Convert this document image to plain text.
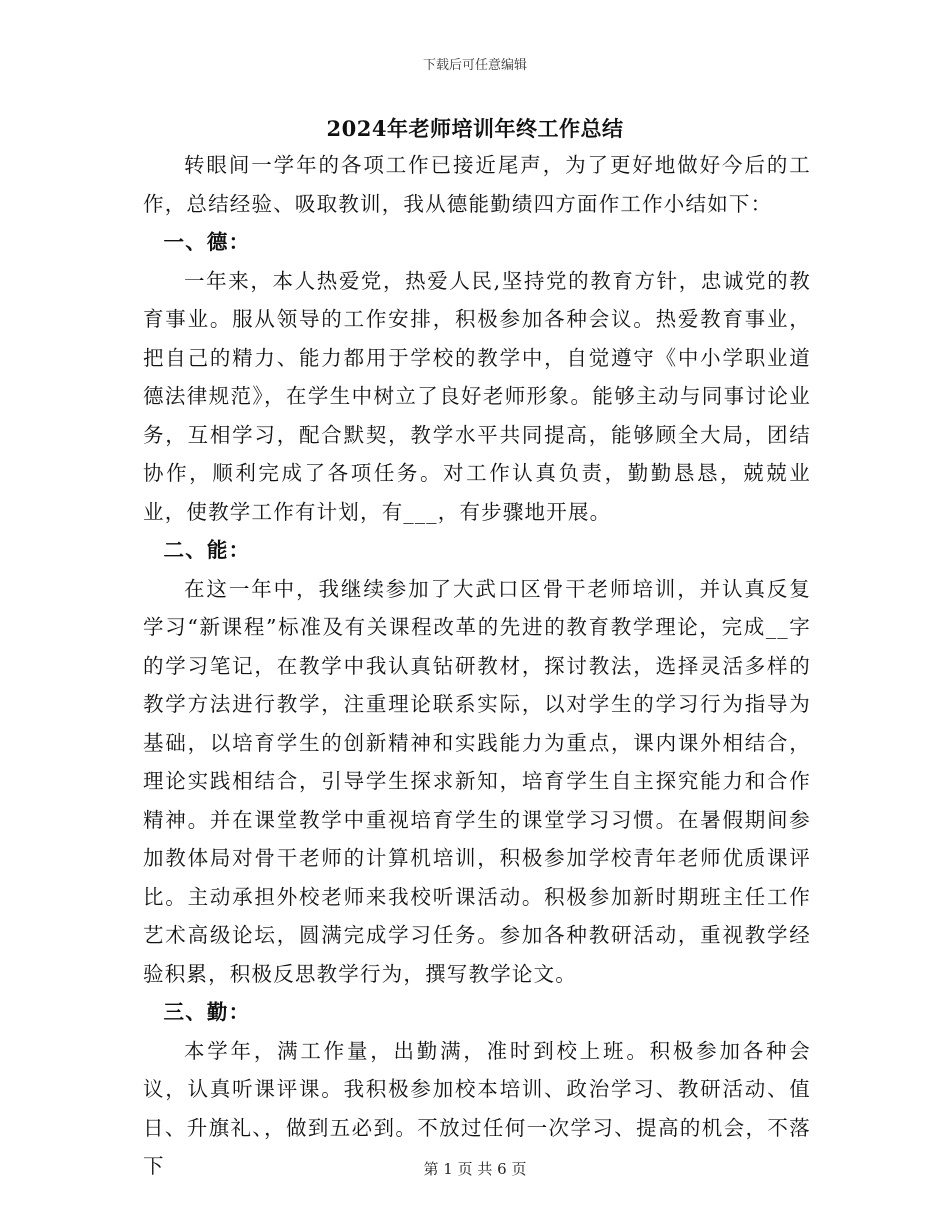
下载后可任意编辑
2024年老师培训年终工作总结

转眼间一学年的各项工作已接近尾声，为了更好地做好今后的工作，总结经验、吸取教训，我从德能勤绩四方面作工作小结如下：

一、德：

一年来，本人热爱党，热爱人民,坚持党的教育方针，忠诚党的教育事业。服从领导的工作安排，积极参加各种会议。热爱教育事业，把自己的精力、能力都用于学校的教学中，自觉遵守《中小学职业道德法律规范》，在学生中树立了良好老师形象。能够主动与同事讨论业务，互相学习，配合默契，教学水平共同提高，能够顾全大局，团结协作，顺利完成了各项任务。对工作认真负责，勤勤恳恳，兢兢业业，使教学工作有计划，有___，有步骤地开展。

二、能：

在这一年中，我继续参加了大武口区骨干老师培训，并认真反复学习“新课程”标准及有关课程改革的先进的教育教学理论，完成__字的学习笔记，在教学中我认真钻研教材，探讨教法，选择灵活多样的教学方法进行教学，注重理论联系实际，以对学生的学习行为指导为基础，以培育学生的创新精神和实践能力为重点，课内课外相结合，理论实践相结合，引导学生探求新知，培育学生自主探究能力和合作精神。并在课堂教学中重视培育学生的课堂学习习惯。在暑假期间参加教体局对骨干老师的计算机培训，积极参加学校青年老师优质课评比。主动承担外校老师来我校听课活动。积极参加新时期班主任工作艺术高级论坛，圆满完成学习任务。参加各种教研活动，重视教学经验积累，积极反思教学行为，撰写教学论文。

三、勤：

本学年，满工作量，出勤满，准时到校上班。积极参加各种会议，认真听课评课。我积极参加校本培训、政治学习、教研活动、值日、升旗礼、，做到五必到。不放过任何一次学习、提高的机会，不落下	第 1 页 共 6 页
